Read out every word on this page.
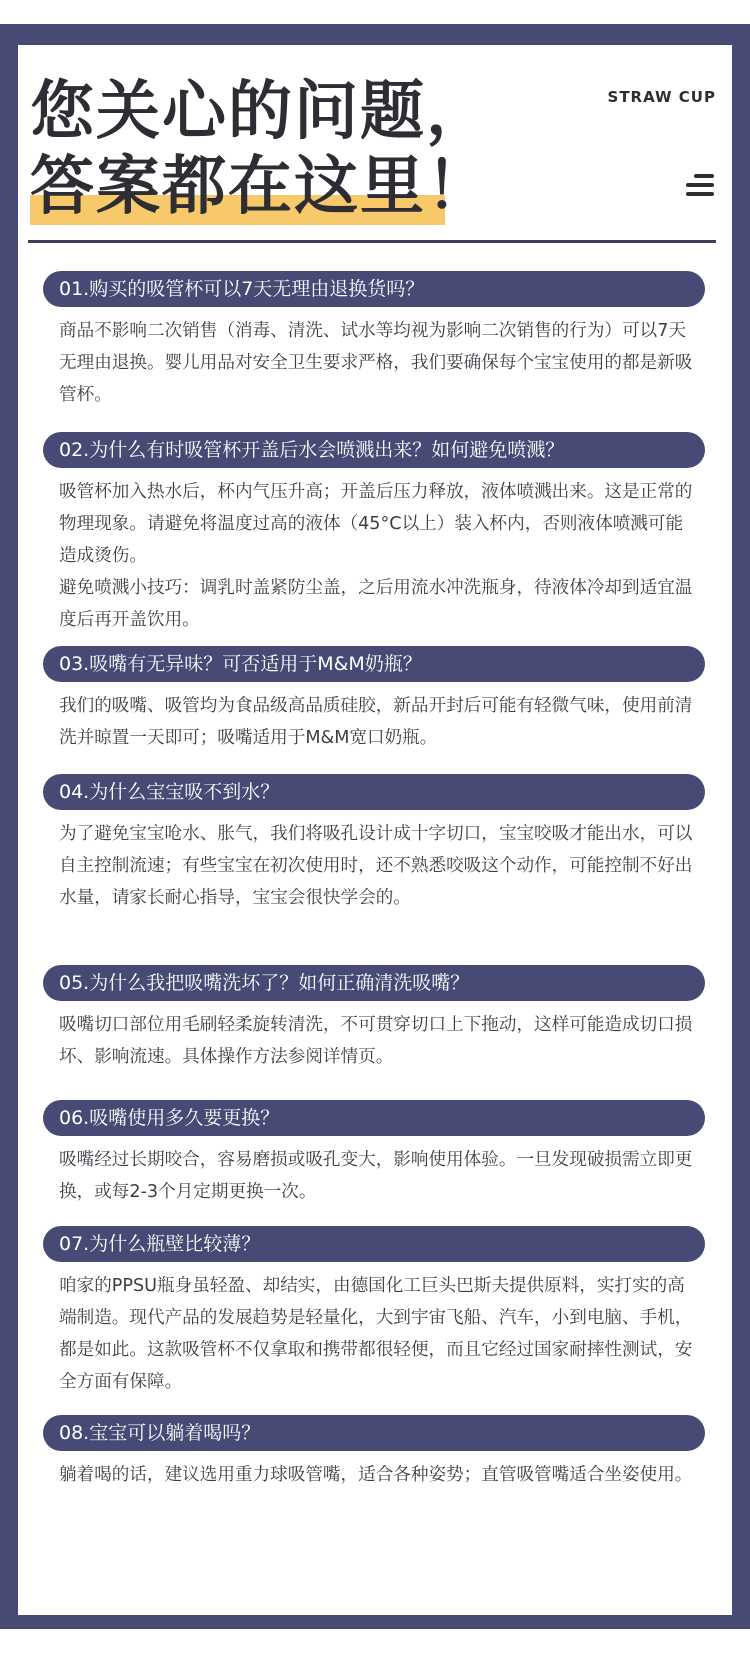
您关心的问题，
答案都在这里！
STRAW CUP
01.购买的吸管杯可以7天无理由退换货吗？

商品不影响二次销售（消毒、清洗、试水等均视为影响二次销售的行为）可以7天无理由退换。婴儿用品对安全卫生要求严格，我们要确保每个宝宝使用的都是新吸管杯。

02.为什么有时吸管杯开盖后水会喷溅出来？如何避免喷溅？

吸管杯加入热水后，杯内气压升高；开盖后压力释放，液体喷溅出来。这是正常的物理现象。请避免将温度过高的液体（45°C以上）装入杯内，否则液体喷溅可能造成烫伤。

避免喷溅小技巧：调乳时盖紧防尘盖，之后用流水冲洗瓶身，待液体冷却到适宜温度后再开盖饮用。

03.吸嘴有无异味？可否适用于M&M奶瓶？

我们的吸嘴、吸管均为食品级高品质硅胶，新品开封后可能有轻微气味，使用前清洗并晾置一天即可；吸嘴适用于M&M宽口奶瓶。

04.为什么宝宝吸不到水？

为了避免宝宝呛水、胀气，我们将吸孔设计成十字切口，宝宝咬吸才能出水，可以自主控制流速；有些宝宝在初次使用时，还不熟悉咬吸这个动作，可能控制不好出水量，请家长耐心指导，宝宝会很快学会的。

05.为什么我把吸嘴洗坏了？如何正确清洗吸嘴？

吸嘴切口部位用毛刷轻柔旋转清洗，不可贯穿切口上下拖动，这样可能造成切口损坏、影响流速。具体操作方法参阅详情页。

06.吸嘴使用多久要更换？

吸嘴经过长期咬合，容易磨损或吸孔变大，影响使用体验。一旦发现破损需立即更换，或每2-3个月定期更换一次。

07.为什么瓶壁比较薄？

咱家的PPSU瓶身虽轻盈、却结实，由德国化工巨头巴斯夫提供原料，实打实的高端制造。现代产品的发展趋势是轻量化，大到宇宙飞船、汽车，小到电脑、手机，都是如此。这款吸管杯不仅拿取和携带都很轻便，而且它经过国家耐摔性测试，安全方面有保障。

08.宝宝可以躺着喝吗？

躺着喝的话，建议选用重力球吸管嘴，适合各种姿势；直管吸管嘴适合坐姿使用。
